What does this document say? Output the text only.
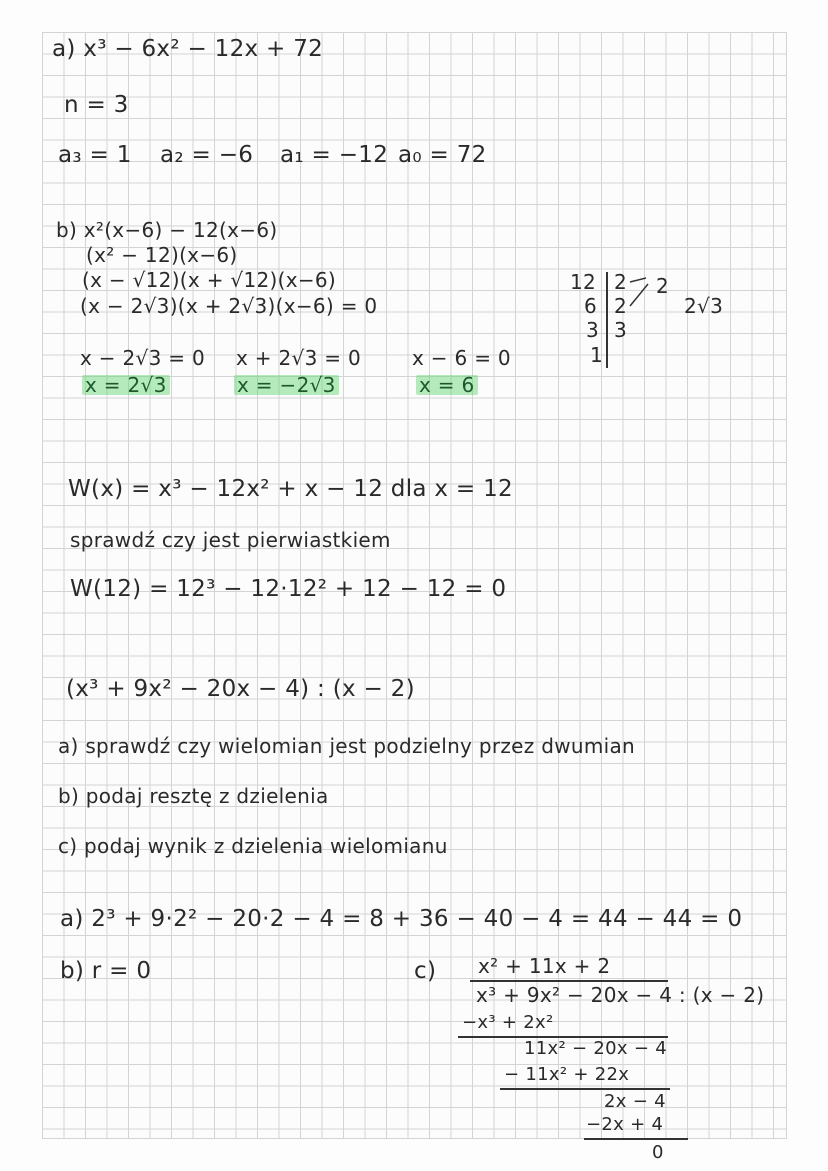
a) x³ − 6x² − 12x + 72
n = 3
a₃ = 1 a₂ = −6 a₁ = −12 a₀ = 72
b) x²(x−6) − 12(x−6)
(x² − 12)(x−6)
(x − √12)(x + √12)(x−6)
(x − 2√3)(x + 2√3)(x−6) = 0
x − 2√3 = 0 x + 2√3 = 0	x − 6 = 0
x = 2√3	x = −2√3	x = 6
12
6
3
1
2
2
3
2
2√3
W(x) = x³ − 12x² + x − 12 dla x = 12
sprawdź czy jest pierwiastkiem
W(12) = 12³ − 12·12² + 12 − 12 = 0
(x³ + 9x² − 20x − 4) : (x − 2)
a) sprawdź czy wielomian jest podzielny przez dwumian
b) podaj resztę z dzielenia
c) podaj wynik z dzielenia wielomianu
a) 2³ + 9·2² − 20·2 − 4 = 8 + 36 − 40 − 4 = 44 − 44 = 0
b) r = 0	c) x² + 11x + 2
x³ + 9x² − 20x − 4 : (x − 2)
−x³ + 2x²
11x² − 20x − 4
− 11x² + 22x
2x − 4
−2x + 4
0
